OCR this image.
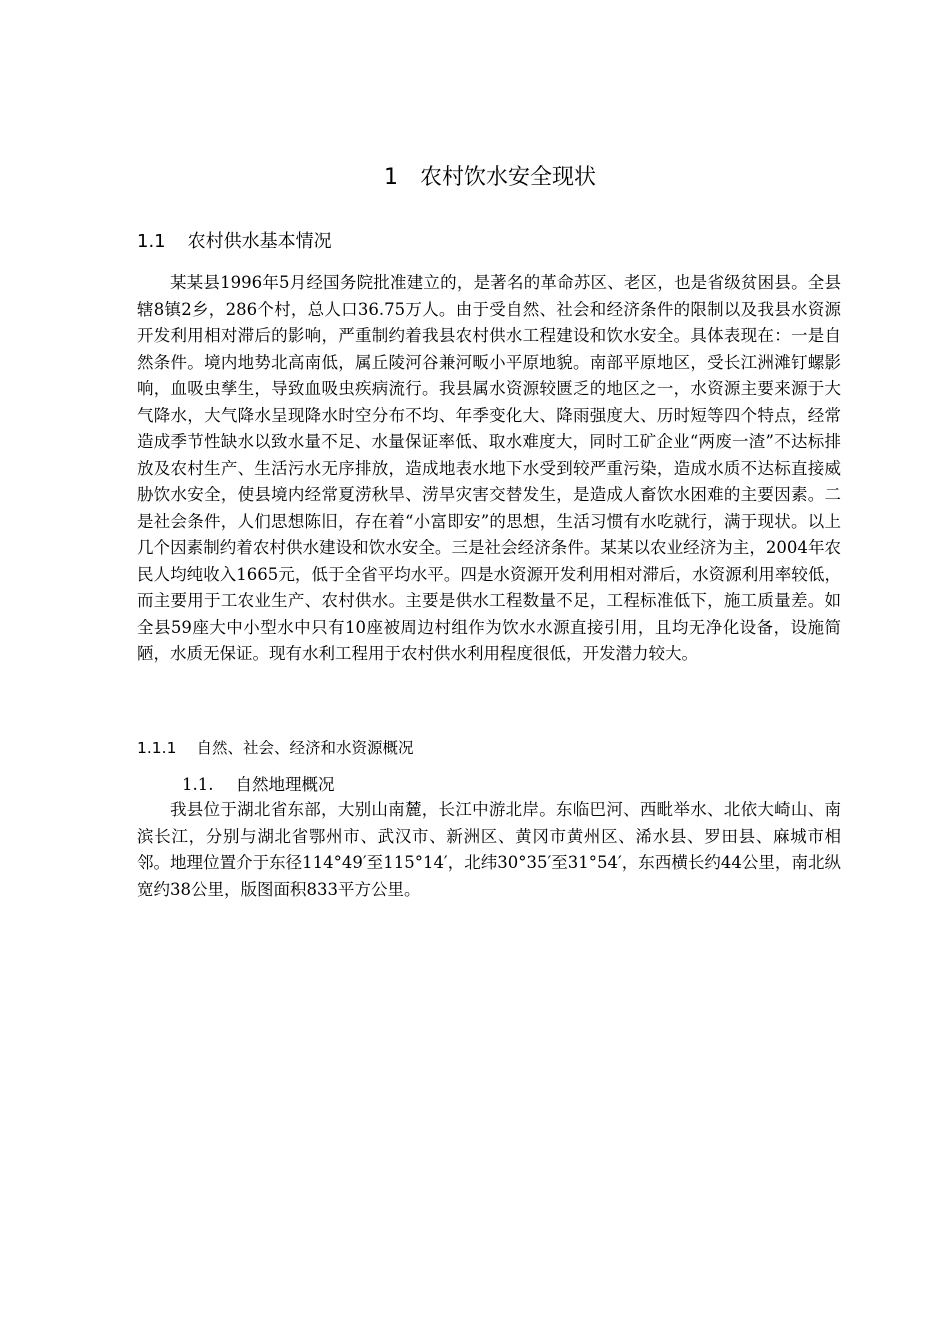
1 农村饮水安全现状
1.1 农村供水基本情况

某某县1996年5月经国务院批准建立的，是著名的革命苏区、老区，也是省级贫困县。全县辖8镇2乡，286个村，总人口36.75万人。由于受自然、社会和经济条件的限制以及我县水资源开发利用相对滞后的影响，严重制约着我县农村供水工程建设和饮水安全。具体表现在：一是自然条件。境内地势北高南低，属丘陵河谷兼河畈小平原地貌。南部平原地区，受长江洲滩钉螺影响，血吸虫孳生，导致血吸虫疾病流行。我县属水资源较匮乏的地区之一，水资源主要来源于大气降水，大气降水呈现降水时空分布不均、年季变化大、降雨强度大、历时短等四个特点，经常造成季节性缺水以致水量不足、水量保证率低、取水难度大，同时工矿企业“两废一渣”不达标排放及农村生产、生活污水无序排放，造成地表水地下水受到较严重污染，造成水质不达标直接威胁饮水安全，使县境内经常夏涝秋旱、涝旱灾害交替发生，是造成人畜饮水困难的主要因素。二是社会条件，人们思想陈旧，存在着“小富即安”的思想，生活习惯有水吃就行，满于现状。以上几个因素制约着农村供水建设和饮水安全。三是社会经济条件。某某以农业经济为主，2004年农民人均纯收入1665元，低于全省平均水平。四是水资源开发利用相对滞后，水资源利用率较低，而主要用于工农业生产、农村供水。主要是供水工程数量不足，工程标准低下，施工质量差。如全县59座大中小型水中只有10座被周边村组作为饮水水源直接引用，且均无净化设备，设施简陋，水质无保证。现有水利工程用于农村供水利用程度很低，开发潜力较大。

1.1.1 自然、社会、经济和水资源概况
1.1. 自然地理概况

我县位于湖北省东部，大别山南麓，长江中游北岸。东临巴河、西毗举水、北依大崎山、南滨长江，分别与湖北省鄂州市、武汉市、新洲区、黄冈市黄州区、浠水县、罗田县、麻城市相邻。地理位置介于东径114°49′至115°14′，北纬30°35′至31°54′，东西横长约44公里，南北纵宽约38公里，版图面积833平方公里。
